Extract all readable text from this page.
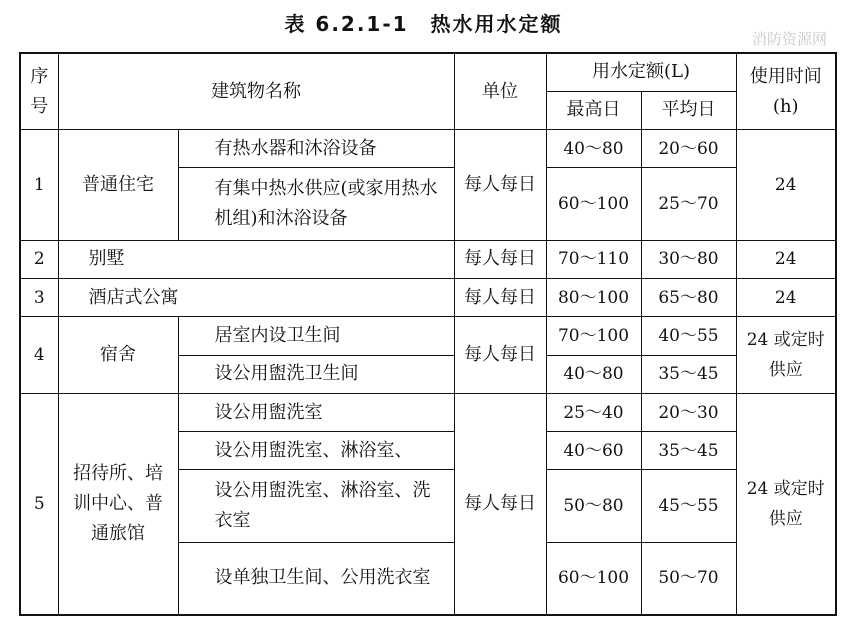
表 6.2.1-1　热水用水定额
消防资源网
序号	建筑物名称		单位	用水定额(L)		使用时间(h)
				最高日	平均日	
1	普通住宅	有热水器和沐浴设备	每人每日	40～80	20～60	24
		有集中热水供应(或家用热水机组)和沐浴设备		60～100	25～70	
2	别墅		每人每日	70～110	30～80	24
3	酒店式公寓		每人每日	80～100	65～80	24
4	宿舍	居室内设卫生间	每人每日	70～100	40～55	24 或定时供应
		设公用盥洗卫生间		40～80	35～45	
5	招待所、培训中心、普通旅馆	设公用盥洗室	每人每日	25～40	20～30	24 或定时供应
		设公用盥洗室、淋浴室、		40～60	35～45	
		设公用盥洗室、淋浴室、洗衣室		50～80	45～55	
		设单独卫生间、公用洗衣室		60～100	50～70	
